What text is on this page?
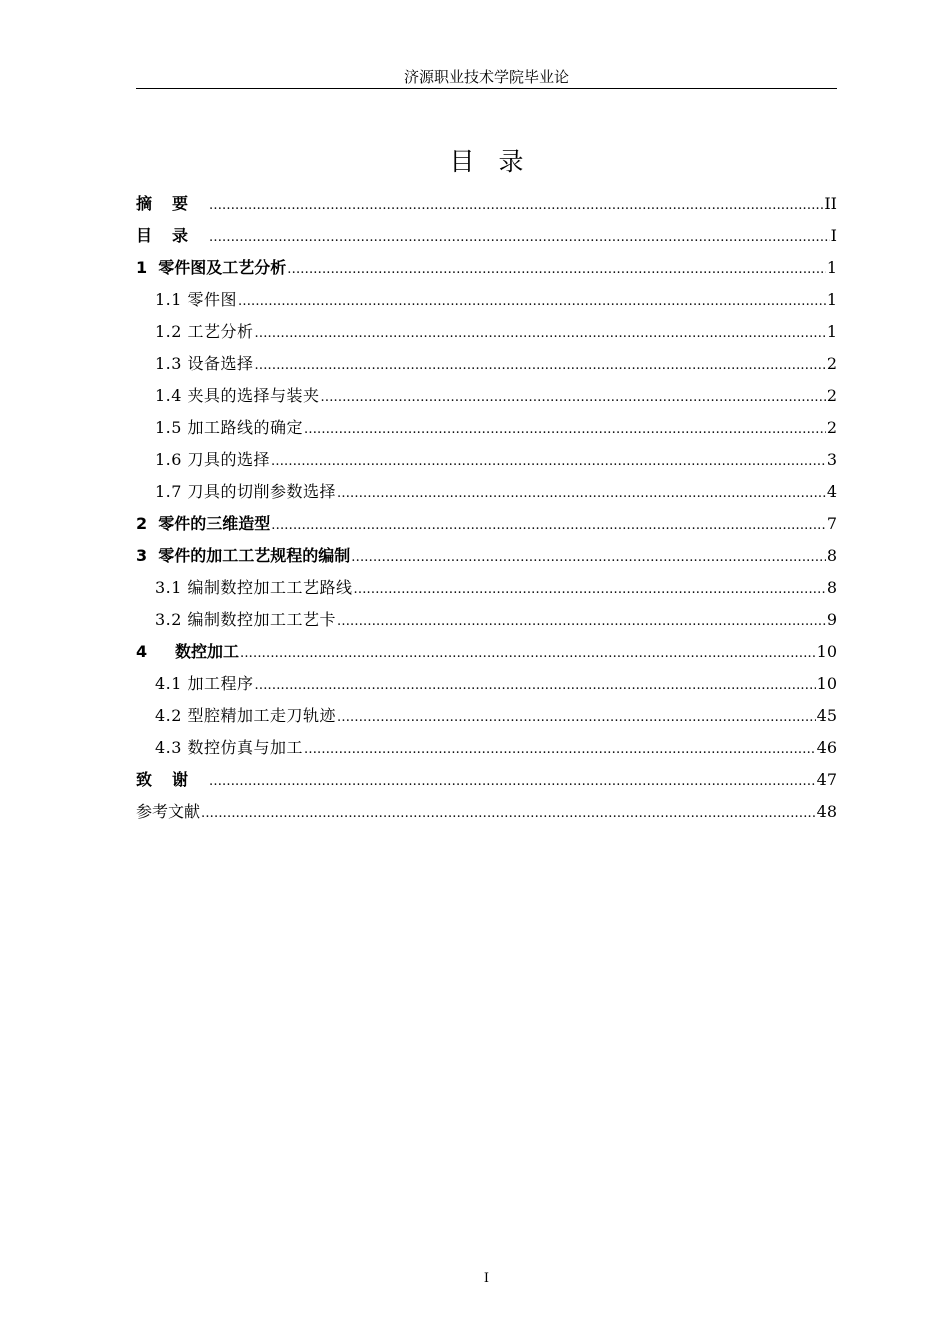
济源职业技术学院毕业论
目录
摘要 .....	II
目录 .....	I
1  零件图及工艺分析 .....	1
1.1 零件图 .....	1
1.2 工艺分析 .....	1
1.3 设备选择 .....	2
1.4 夹具的选择与装夹 .....	2
1.5 加工路线的确定 .....	2
1.6 刀具的选择 .....	3
1.7 刀具的切削参数选择 .....	4
2  零件的三维造型 .....	7
3  零件的加工工艺规程的编制 .....	8
3.1 编制数控加工工艺路线 .....	8
3.2 编制数控加工工艺卡 .....	9
4     数控加工 .....	10
4.1 加工程序 .....	10
4.2 型腔精加工走刀轨迹 .....	45
4.3 数控仿真与加工 .....	46
致谢 .....	47
参考文献 .....	48
I
